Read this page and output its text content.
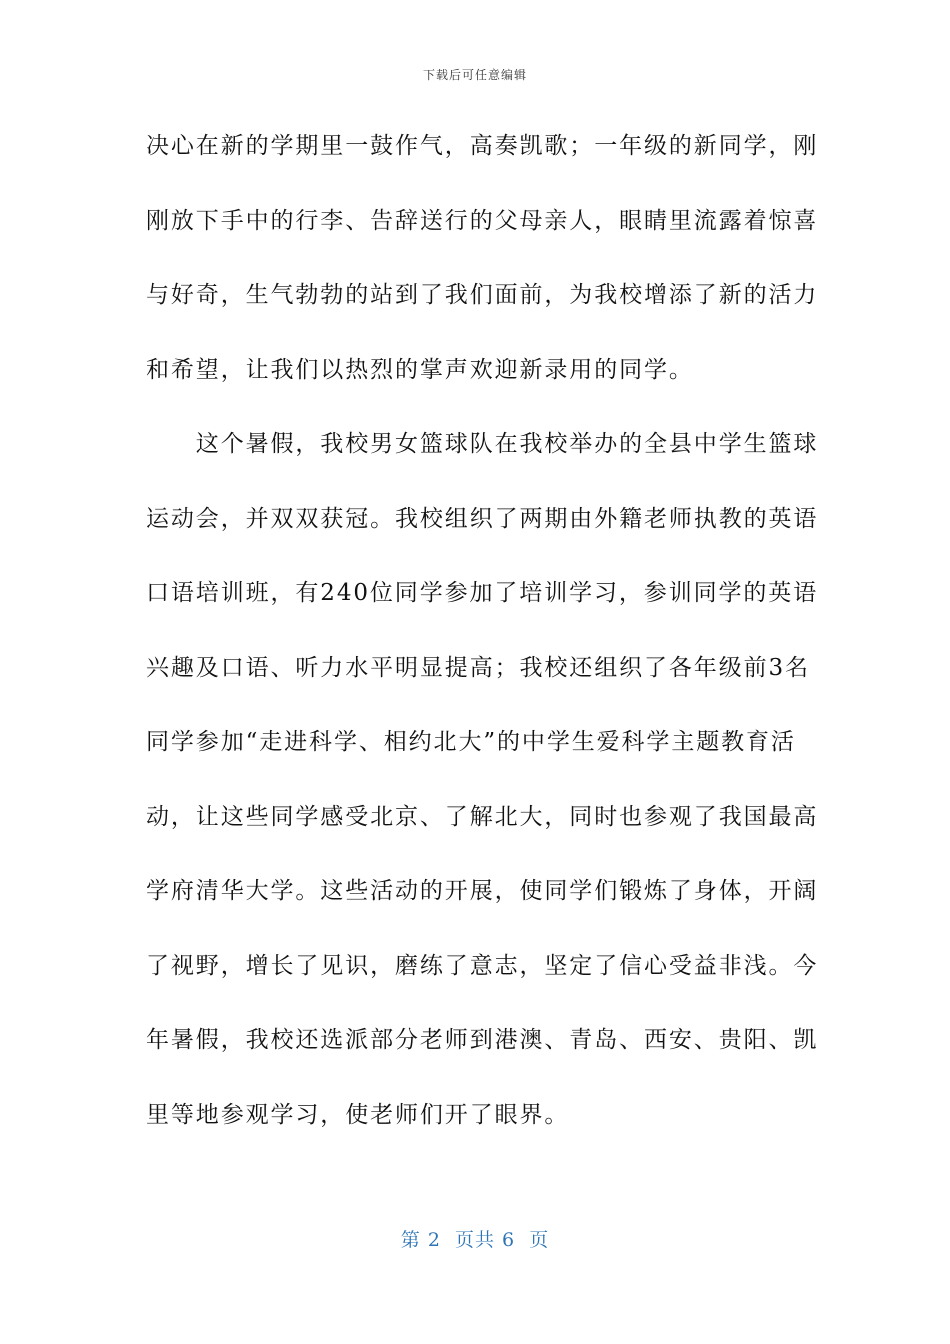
下载后可任意编辑
决心在新的学期里一鼓作气，高奏凯歌；一年级的新同学，刚
刚放下手中的行李、告辞送行的父母亲人，眼睛里流露着惊喜
与好奇，生气勃勃的站到了我们面前，为我校增添了新的活力
和希望，让我们以热烈的掌声欢迎新录用的同学。
　　这个暑假，我校男女篮球队在我校举办的全县中学生篮球
运动会，并双双获冠。我校组织了两期由外籍老师执教的英语
口语培训班，有240位同学参加了培训学习，参训同学的英语
兴趣及口语、听力水平明显提高；我校还组织了各年级前3名
同学参加“走进科学、相约北大”的中学生爱科学主题教育活
动，让这些同学感受北京、了解北大，同时也参观了我国最高
学府清华大学。这些活动的开展，使同学们锻炼了身体，开阔
了视野，增长了见识，磨练了意志，坚定了信心受益非浅。今
年暑假，我校还选派部分老师到港澳、青岛、西安、贵阳、凯
里等地参观学习，使老师们开了眼界。
第 2  页共 6  页
